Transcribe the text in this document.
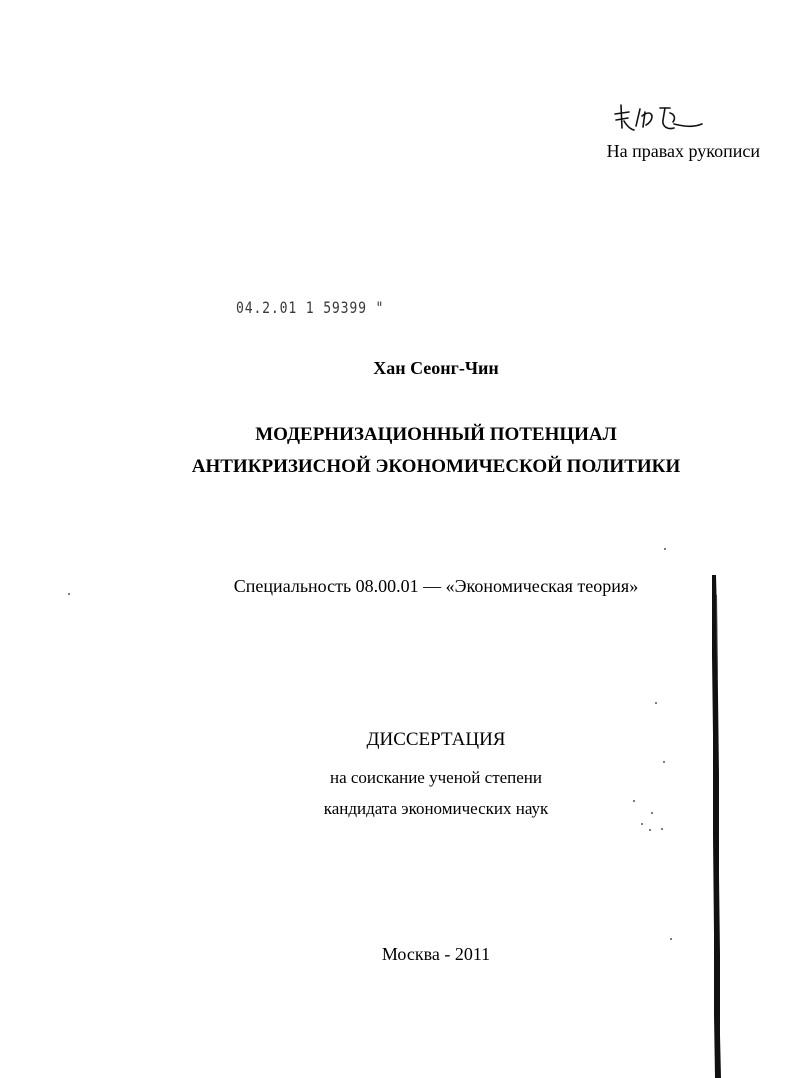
На правах рукописи
04.2.01 1 59399 "
Хан Сеонг-Чин
МОДЕРНИЗАЦИОННЫЙ ПОТЕНЦИАЛ
АНТИКРИЗИСНОЙ ЭКОНОМИЧЕСКОЙ ПОЛИТИКИ
Специальность 08.00.01 — «Экономическая теория»
ДИССЕРТАЦИЯ
на соискание ученой степени
кандидата экономических наук
Москва - 2011
